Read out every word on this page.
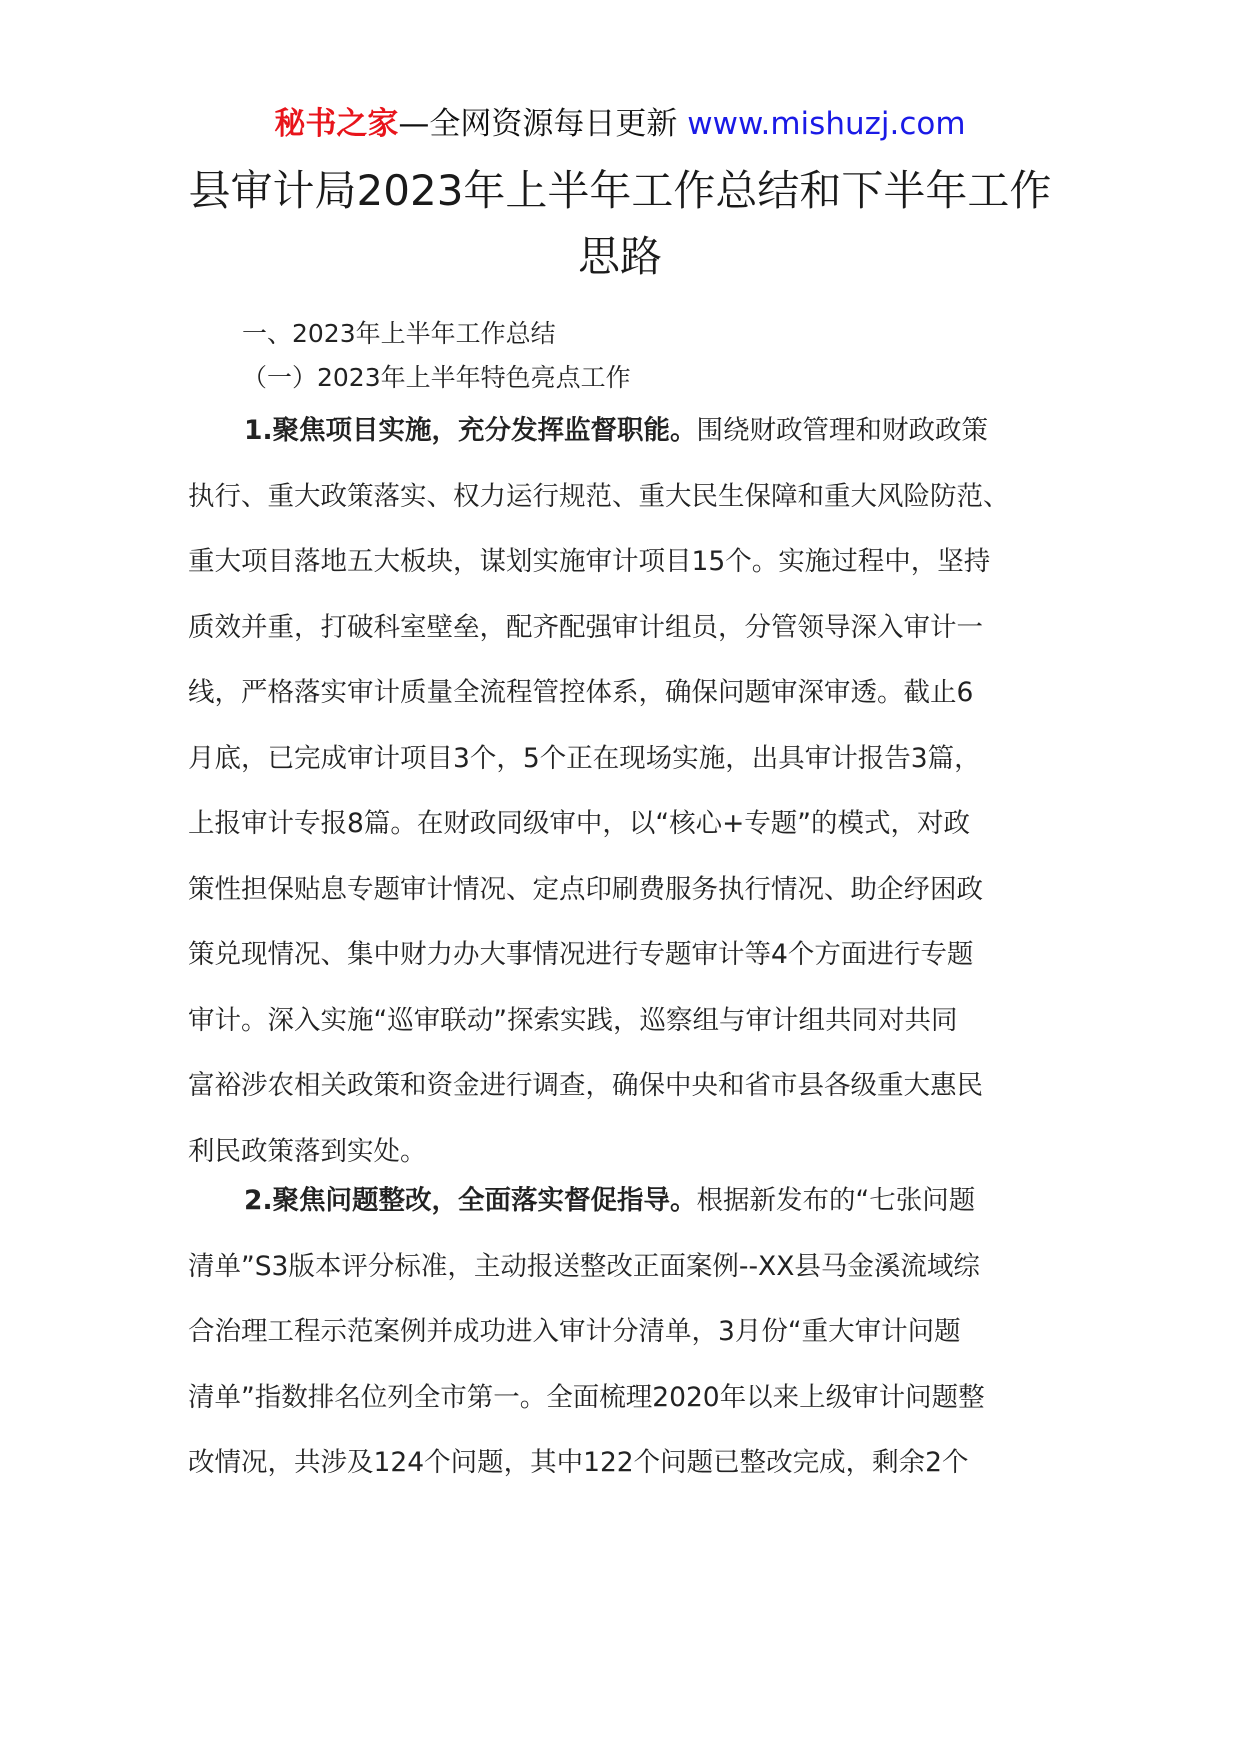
秘书之家—全网资源每日更新 www.mishuzj.com
县审计局2023年上半年工作总结和下半年工作
思路

一、2023年上半年工作总结

（一）2023年上半年特色亮点工作

1.聚焦项目实施，充分发挥监督职能。围绕财政管理和财政政策
执行、重大政策落实、权力运行规范、重大民生保障和重大风险防范、
重大项目落地五大板块，谋划实施审计项目15个。实施过程中，坚持
质效并重，打破科室壁垒，配齐配强审计组员，分管领导深入审计一
线，严格落实审计质量全流程管控体系，确保问题审深审透。截止6
月底，已完成审计项目3个，5个正在现场实施，出具审计报告3篇，
上报审计专报8篇。在财政同级审中，以“核心+专题”的模式，对政
策性担保贴息专题审计情况、定点印刷费服务执行情况、助企纾困政
策兑现情况、集中财力办大事情况进行专题审计等4个方面进行专题
审计。深入实施“巡审联动”探索实践，巡察组与审计组共同对共同
富裕涉农相关政策和资金进行调查，确保中央和省市县各级重大惠民
利民政策落到实处。
2.聚焦问题整改，全面落实督促指导。根据新发布的“七张问题
清单”S3版本评分标准，主动报送整改正面案例--XX县马金溪流域综
合治理工程示范案例并成功进入审计分清单，3月份“重大审计问题
清单”指数排名位列全市第一。全面梳理2020年以来上级审计问题整
改情况，共涉及124个问题，其中122个问题已整改完成，剩余2个
